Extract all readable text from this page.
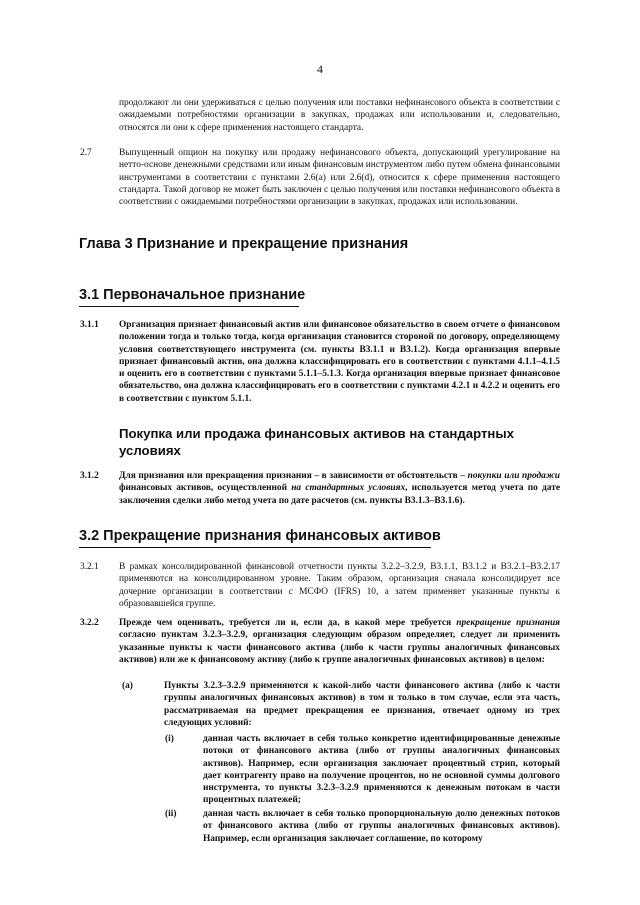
4

продолжают ли они удерживаться с целью получения или поставки нефинансового объекта в соответствии с ожидаемыми потребностями организации в закупках, продажах или использовании и, следовательно, относятся ли они к сфере применения настоящего стандарта.

2.7	Выпущенный опцион на покупку или продажу нефинансового объекта, допускающий урегулирование на нетто-основе денежными средствами или иным финансовым инструментом либо путем обмена финансовыми инструментами в соответствии с пунктами 2.6(a) или 2.6(d), относится к сфере применения настоящего стандарта. Такой договор не может быть заключен с целью получения или поставки нефинансового объекта в соответствии с ожидаемыми потребностями организации в закупках, продажах или использовании.

Глава 3 Признание и прекращение признания
3.1 Первоначальное признание
3.1.1 Организация признает финансовый актив или финансовое обязательство в своем отчете о финансовом положении тогда и только тогда, когда организация становится стороной по договору, определяющему условия соответствующего инструмента (см. пункты B3.1.1 и B3.1.2). Когда организация впервые признает финансовый актив, она должна классифицировать его в соответствии с пунктами 4.1.1–4.1.5 и оценить его в соответствии с пунктами 5.1.1–5.1.3. Когда организация впервые признает финансовое обязательство, она должна классифицировать его в соответствии с пунктами 4.2.1 и 4.2.2 и оценить его в соответствии с пунктом 5.1.1.

Покупка или продажа финансовых активов на стандартных условиях
3.1.2 Для признания или прекращения признания – в зависимости от обстоятельств – покупки или продажи финансовых активов, осуществленной на стандартных условиях, используется метод учета по дате заключения сделки либо метод учета по дате расчетов (см. пункты B3.1.3–B3.1.6).

3.2 Прекращение признания финансовых активов
3.2.1 В рамках консолидированной финансовой отчетности пункты 3.2.2–3.2.9, B3.1.1, B3.1.2 и B3.2.1–B3.2.17 применяются на консолидированном уровне. Таким образом, организация сначала консолидирует все дочерние организации в соответствии с МСФО (IFRS) 10, а затем применяет указанные пункты к образовавшейся группе.

3.2.2 Прежде чем оценивать, требуется ли и, если да, в какой мере требуется прекращение признания согласно пунктам 3.2.3–3.2.9, организация следующим образом определяет, следует ли применить указанные пункты к части финансового актива (либо к части группы аналогичных финансовых активов) или же к финансовому активу (либо к группе аналогичных финансовых активов) в целом:

(a)	Пункты 3.2.3–3.2.9 применяются к какой-либо части финансового актива (либо к части группы аналогичных финансовых активов) в том и только в том случае, если эта часть, рассматриваемая на предмет прекращения ее признания, отвечает одному из трех следующих условий:

(i)	данная часть включает в себя только конкретно идентифицированные денежные потоки от финансового актива (либо от группы аналогичных финансовых активов). Например, если организация заключает процентный стрип, который дает контрагенту право на получение процентов, но не основной суммы долгового инструмента, то пункты 3.2.3–3.2.9 применяются к денежным потокам в части процентных платежей;

(ii)	данная часть включает в себя только пропорциональную долю денежных потоков от финансового актива (либо от группы аналогичных финансовых активов). Например, если организация заключает соглашение, по которому
